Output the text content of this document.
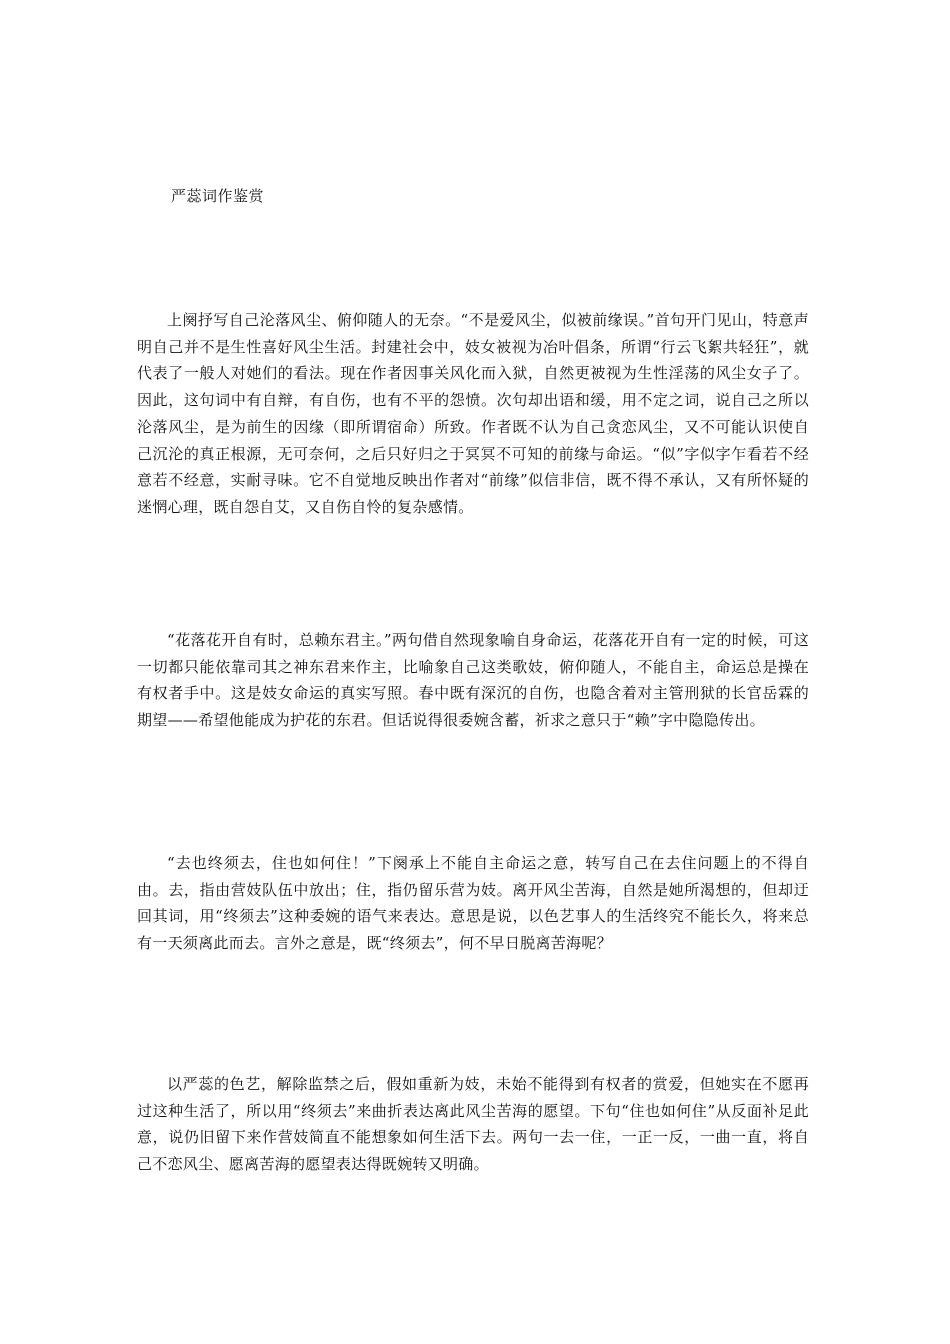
严蕊词作鉴赏

上阕抒写自己沦落风尘、俯仰随人的无奈。“不是爱风尘，似被前缘误。”首句开门见山，特意声明自己并不是生性喜好风尘生活。封建社会中，妓女被视为冶叶倡条，所谓“行云飞絮共轻狂”，就代表了一般人对她们的看法。现在作者因事关风化而入狱，自然更被视为生性淫荡的风尘女子了。因此，这句词中有自辩，有自伤，也有不平的怨愤。次句却出语和缓，用不定之词，说自己之所以沦落风尘，是为前生的因缘（即所谓宿命）所致。作者既不认为自己贪恋风尘，又不可能认识使自己沉沦的真正根源，无可奈何，之后只好归之于冥冥不可知的前缘与命运。“似”字似字乍看若不经意若不经意，实耐寻味。它不自觉地反映出作者对“前缘”似信非信，既不得不承认，又有所怀疑的迷惘心理，既自怨自艾，又自伤自怜的复杂感情。

“花落花开自有时，总赖东君主。”两句借自然现象喻自身命运，花落花开自有一定的时候，可这一切都只能依靠司其之神东君来作主，比喻象自己这类歌妓，俯仰随人，不能自主，命运总是操在有权者手中。这是妓女命运的真实写照。春中既有深沉的自伤，也隐含着对主管刑狱的长官岳霖的期望——希望他能成为护花的东君。但话说得很委婉含蓄，祈求之意只于“赖”字中隐隐传出。

“去也终须去，住也如何住！”下阕承上不能自主命运之意，转写自己在去住问题上的不得自由。去，指由营妓队伍中放出；住，指仍留乐营为妓。离开风尘苦海，自然是她所渴想的，但却迂回其词，用“终须去”这种委婉的语气来表达。意思是说，以色艺事人的生活终究不能长久，将来总有一天须离此而去。言外之意是，既“终须去”，何不早日脱离苦海呢？

以严蕊的色艺，解除监禁之后，假如重新为妓，未始不能得到有权者的赏爱，但她实在不愿再过这种生活了，所以用“终须去”来曲折表达离此风尘苦海的愿望。下句“住也如何住”从反面补足此意，说仍旧留下来作营妓简直不能想象如何生活下去。两句一去一住，一正一反，一曲一直，将自己不恋风尘、愿离苦海的愿望表达得既婉转又明确。
